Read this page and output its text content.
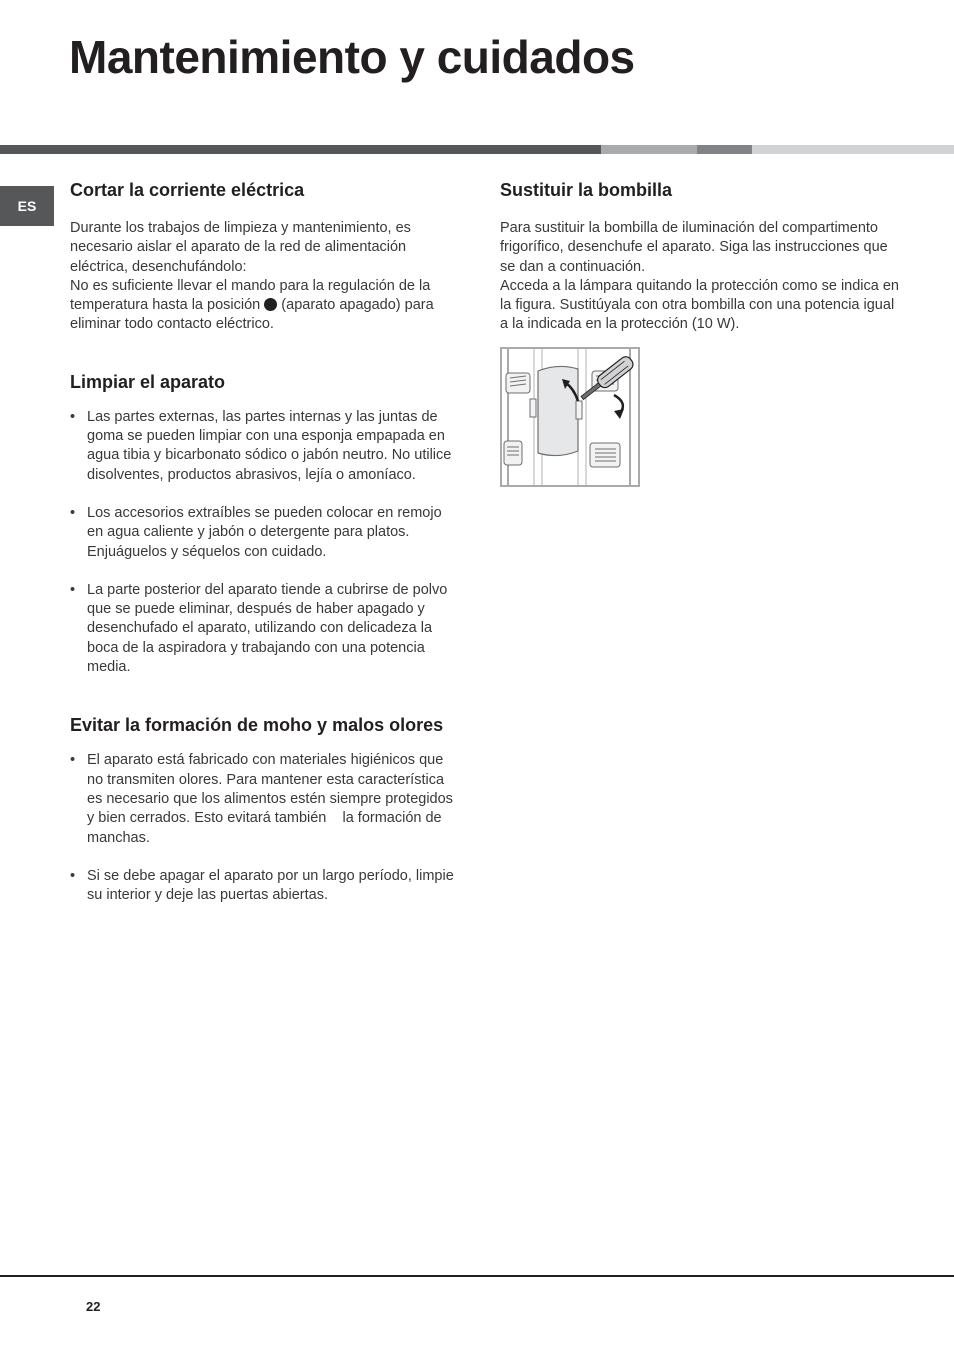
Mantenimiento y cuidados
ES
Cortar la corriente eléctrica

Durante los trabajos de limpieza y mantenimiento, es necesario aislar el aparato de la red de alimentación eléctrica, desenchufándolo:

No es suficiente llevar el mando para la regulación de la temperatura hasta la posición (aparato apagado) para eliminar todo contacto eléctrico.

Limpiar el aparato
• Las partes externas, las partes internas y las juntas de goma se pueden limpiar con una esponja empapada en agua tibia y bicarbonato sódico o jabón neutro. No utilice disolventes, productos abrasivos, lejía o amoníaco.
• Los accesorios extraíbles se pueden colocar en remojo en agua caliente y jabón o detergente para platos. Enjuáguelos y séquelos con cuidado.
• La parte posterior del aparato tiende a cubrirse de polvo que se puede eliminar, después de haber apagado y desenchufado el aparato, utilizando con delicadeza la boca de la aspiradora y trabajando con una potencia media.
Evitar la formación de moho y malos olores
• El aparato está fabricado con materiales higiénicos que no transmiten olores. Para mantener esta característica es necesario que los alimentos estén siempre protegidos y bien cerrados. Esto evitará también    la formación de manchas.
• Si se debe apagar el aparato por un largo período, limpie su interior y deje las puertas abiertas.
Sustituir la bombilla

Para sustituir la bombilla de iluminación del compartimento frigorífico, desenchufe el aparato. Siga las instrucciones que se dan a continuación.

Acceda a la lámpara quitando la protección como se indica en la figura. Sustitúyala con otra bombilla con una potencia igual a la indicada en la protección (10 W).

22
